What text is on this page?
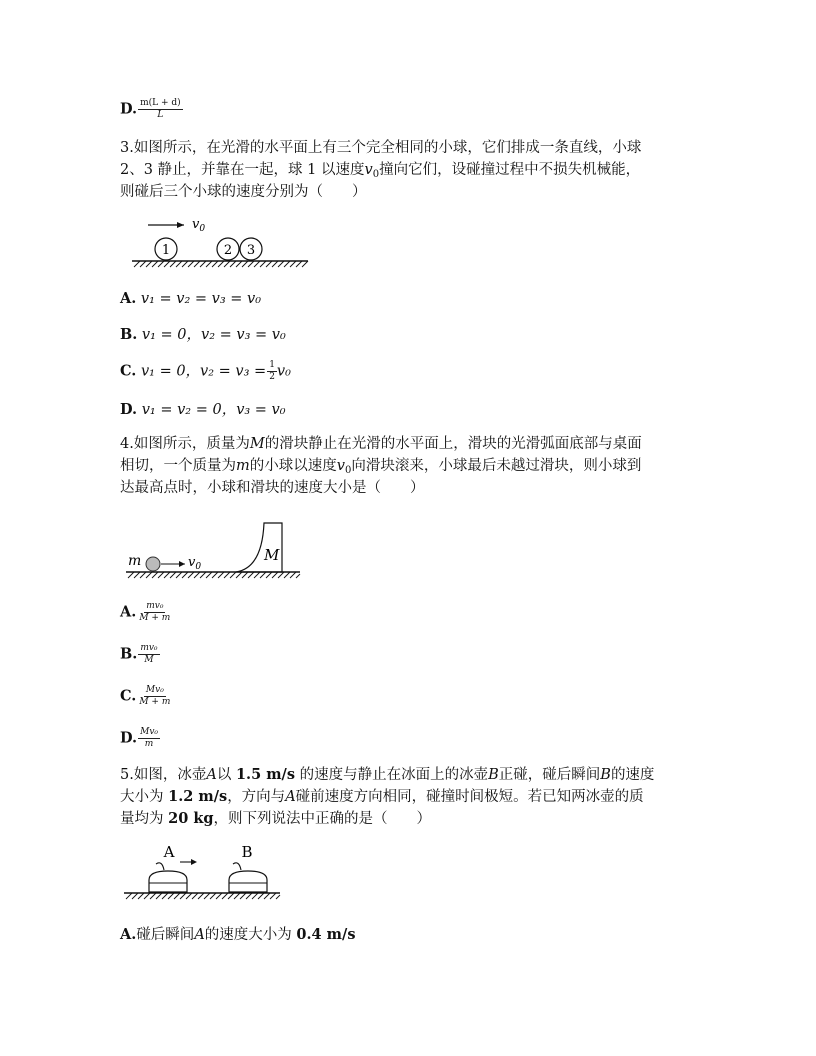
D. $\frac{m(L + d)}{L}$
3.如图所示，在光滑的水平面上有三个完全相同的小球，它们排成一条直线，小球
2、3 静止，并靠在一起，球 1 以速度$v_0$撞向它们，设碰撞过程中不损失机械能，
则碰后三个小球的速度分别为（　　）
$v_0$
1	2 3
A. v₁ = v₂ = v₃ = v₀
B. v₁ = 0，v₂ = v₃ = v₀
C. v₁ = 0，$v_2 = v_3 = \frac{1}{2} v_0$
D. v₁ = v₂ = 0，v₃ = v₀
4.如图所示，质量为M的滑块静止在光滑的水平面上，滑块的光滑弧面底部与桌面
相切，一个质量为m的小球以速度$v_0$向滑块滚来，小球最后未越过滑块，则小球到
达最高点时，小球和滑块的速度大小是（　　）
m	$v_0$
M
A. $\frac{\text{mv₀}}{M + m}$
B. $\frac{\text{mv₀}}{M}$
C. $\frac{\text{Mv₀}}{M + m}$
D. $\frac{\text{Mv₀}}{m}$
5.如图，冰壶A以 1.5 m/s 的速度与静止在冰面上的冰壶B正碰，碰后瞬间B的速度
大小为 1.2 m/s，方向与A碰前速度方向相同，碰撞时间极短。若已知两冰壶的质
量均为 20 kg，则下列说法中正确的是（　　）
A	B
A.碰后瞬间A的速度大小为 0.4 m/s
